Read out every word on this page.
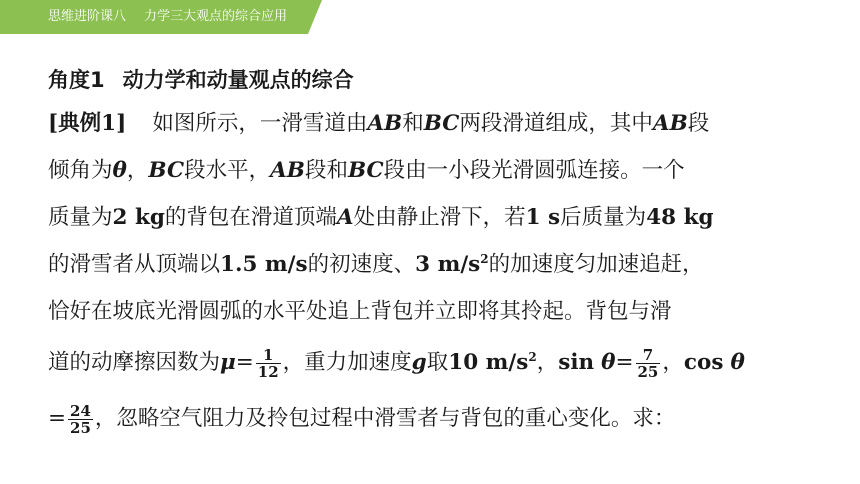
思维进阶课八 力学三大观点的综合应用
角度1 动力学和动量观点的综合
[典例1] 如图所示，一滑雪道由AB和BC两段滑道组成，其中AB段
倾角为θ，BC段水平，AB段和BC段由一小段光滑圆弧连接。一个
质量为2 kg的背包在滑道顶端A处由静止滑下，若1 s后质量为48 kg
的滑雪者从顶端以1.5 m/s的初速度、3 $m/s^2$的加速度匀加速追赶，
恰好在坡底光滑圆弧的水平处追上背包并立即将其拎起。背包与滑
道的动摩擦因数为$\mu= \frac{1}{12}$ ，重力加速度g取10 $m/s^2$，$\sin \theta= \frac{7}{25}$ ，cos θ
= $\frac{24}{25}$ ，忽略空气阻力及拎包过程中滑雪者与背包的重心变化。求：
